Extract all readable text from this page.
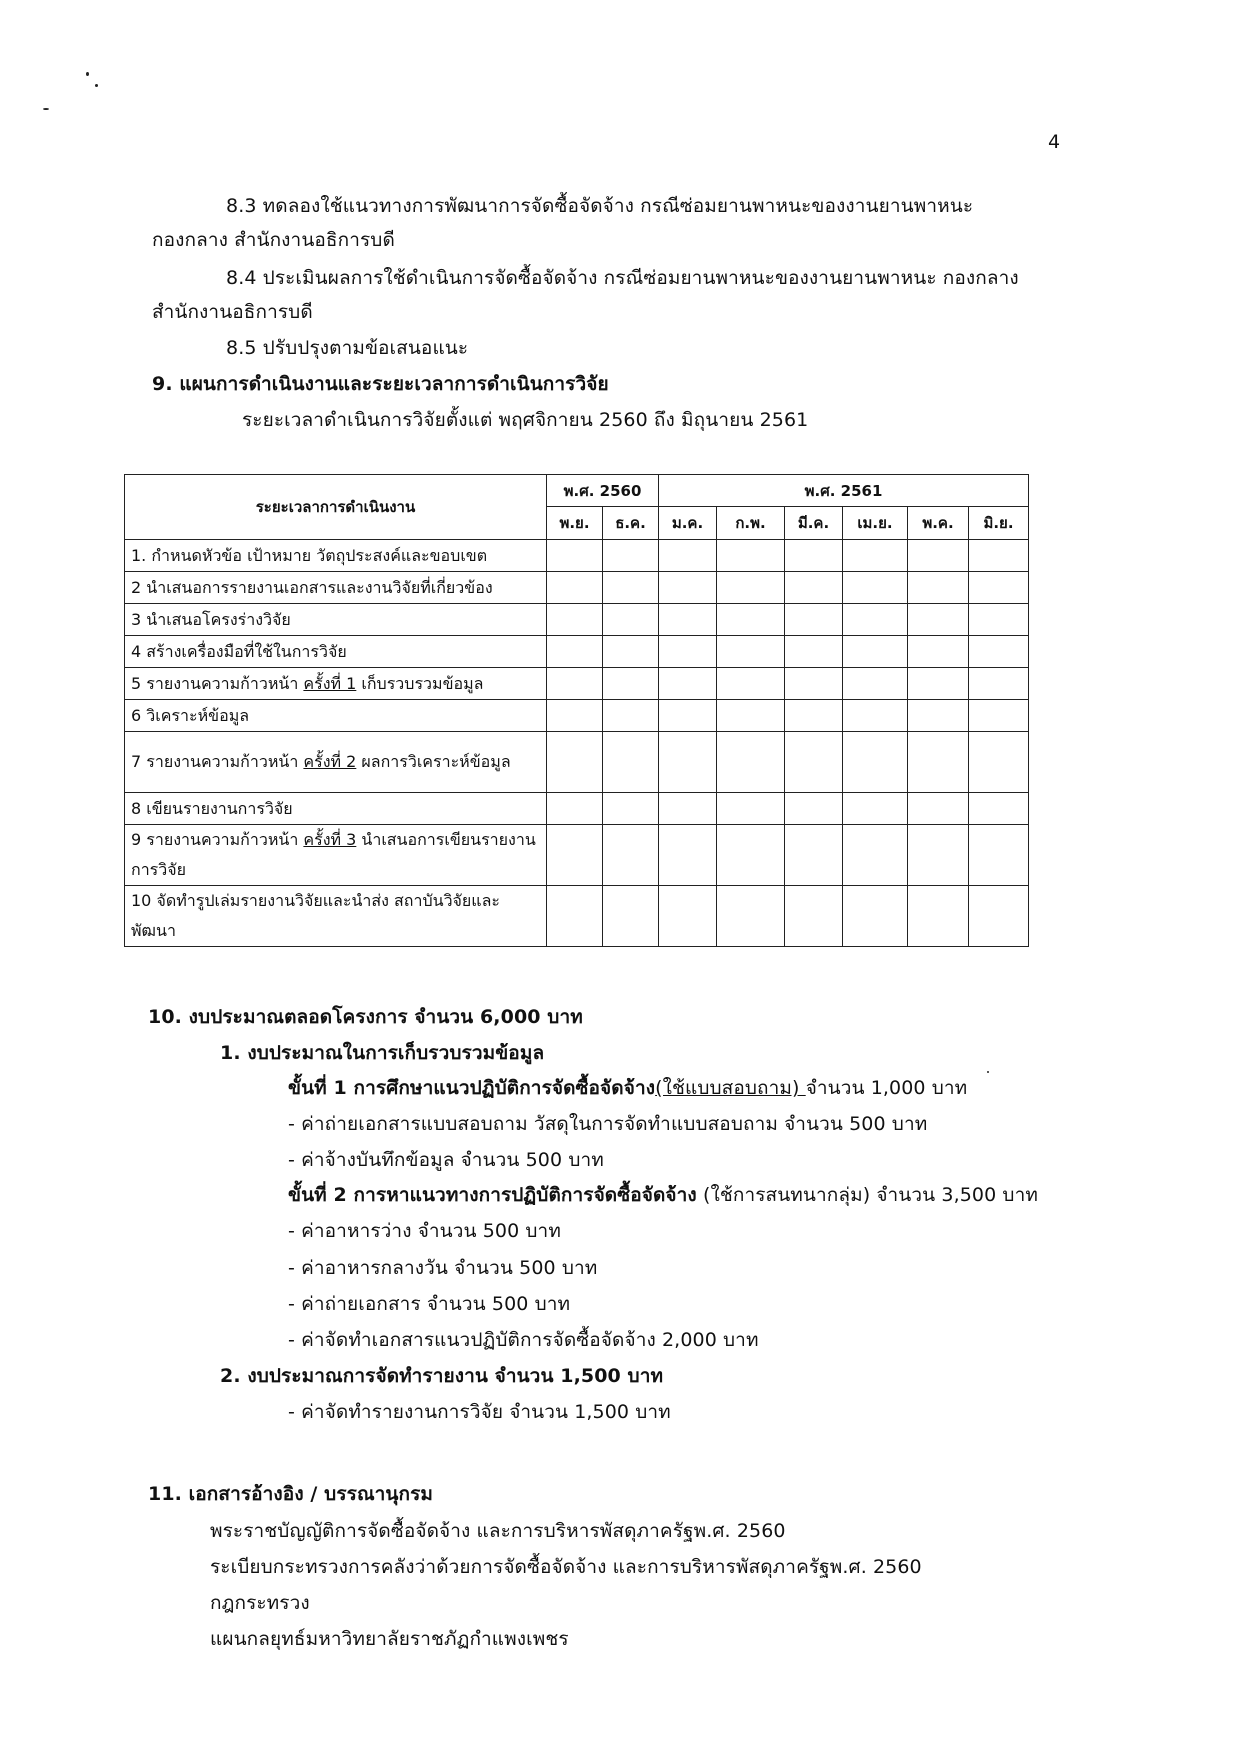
4
8.3 ทดลองใช้แนวทางการพัฒนาการจัดซื้อจัดจ้าง กรณีซ่อมยานพาหนะของงานยานพาหนะ
กองกลาง สำนักงานอธิการบดี
8.4 ประเมินผลการใช้ดำเนินการจัดซื้อจัดจ้าง กรณีซ่อมยานพาหนะของงานยานพาหนะ กองกลาง
สำนักงานอธิการบดี
8.5 ปรับปรุงตามข้อเสนอแนะ
9. แผนการดำเนินงานและระยะเวลาการดำเนินการวิจัย
ระยะเวลาดำเนินการวิจัยตั้งแต่ พฤศจิกายน 2560 ถึง มิถุนายน 2561
ระยะเวลาการดำเนินงาน	พ.ศ. 2560		พ.ศ. 2561					
	พ.ย.	ธ.ค.	ม.ค.	ก.พ.	มี.ค.	เม.ย.	พ.ค.	มิ.ย.
1. กำหนดหัวข้อ เป้าหมาย วัตถุประสงค์และขอบเขต								
2 นำเสนอการรายงานเอกสารและงานวิจัยที่เกี่ยวข้อง								
3 นำเสนอโครงร่างวิจัย								
4 สร้างเครื่องมือที่ใช้ในการวิจัย								
5 รายงานความก้าวหน้า ครั้งที่ 1 เก็บรวบรวมข้อมูล								
6 วิเคราะห์ข้อมูล								
7 รายงานความก้าวหน้า ครั้งที่ 2 ผลการวิเคราะห์ข้อมูล								
8 เขียนรายงานการวิจัย								
9 รายงานความก้าวหน้า ครั้งที่ 3 นำเสนอการเขียนรายงานการวิจัย								
10 จัดทำรูปเล่มรายงานวิจัยและนำส่ง สถาบันวิจัยและพัฒนา								
10. งบประมาณตลอดโครงการ จำนวน 6,000 บาท
1. งบประมาณในการเก็บรวบรวมข้อมูล
ขั้นที่ 1 การศึกษาแนวปฏิบัติการจัดซื้อจัดจ้าง(ใช้แบบสอบถาม) จำนวน 1,000 บาท
- ค่าถ่ายเอกสารแบบสอบถาม วัสดุในการจัดทำแบบสอบถาม จำนวน 500 บาท
- ค่าจ้างบันทึกข้อมูล จำนวน 500 บาท
ขั้นที่ 2 การหาแนวทางการปฏิบัติการจัดซื้อจัดจ้าง (ใช้การสนทนากลุ่ม) จำนวน 3,500 บาท
- ค่าอาหารว่าง จำนวน 500 บาท
- ค่าอาหารกลางวัน จำนวน 500 บาท
- ค่าถ่ายเอกสาร จำนวน 500 บาท
- ค่าจัดทำเอกสารแนวปฏิบัติการจัดซื้อจัดจ้าง 2,000 บาท
2. งบประมาณการจัดทำรายงาน จำนวน 1,500 บาท
- ค่าจัดทำรายงานการวิจัย จำนวน 1,500 บาท
11. เอกสารอ้างอิง / บรรณานุกรม
พระราชบัญญัติการจัดซื้อจัดจ้าง และการบริหารพัสดุภาครัฐพ.ศ. 2560
ระเบียบกระทรวงการคลังว่าด้วยการจัดซื้อจัดจ้าง และการบริหารพัสดุภาครัฐพ.ศ. 2560
กฎกระทรวง
แผนกลยุทธ์มหาวิทยาลัยราชภัฏกำแพงเพชร
